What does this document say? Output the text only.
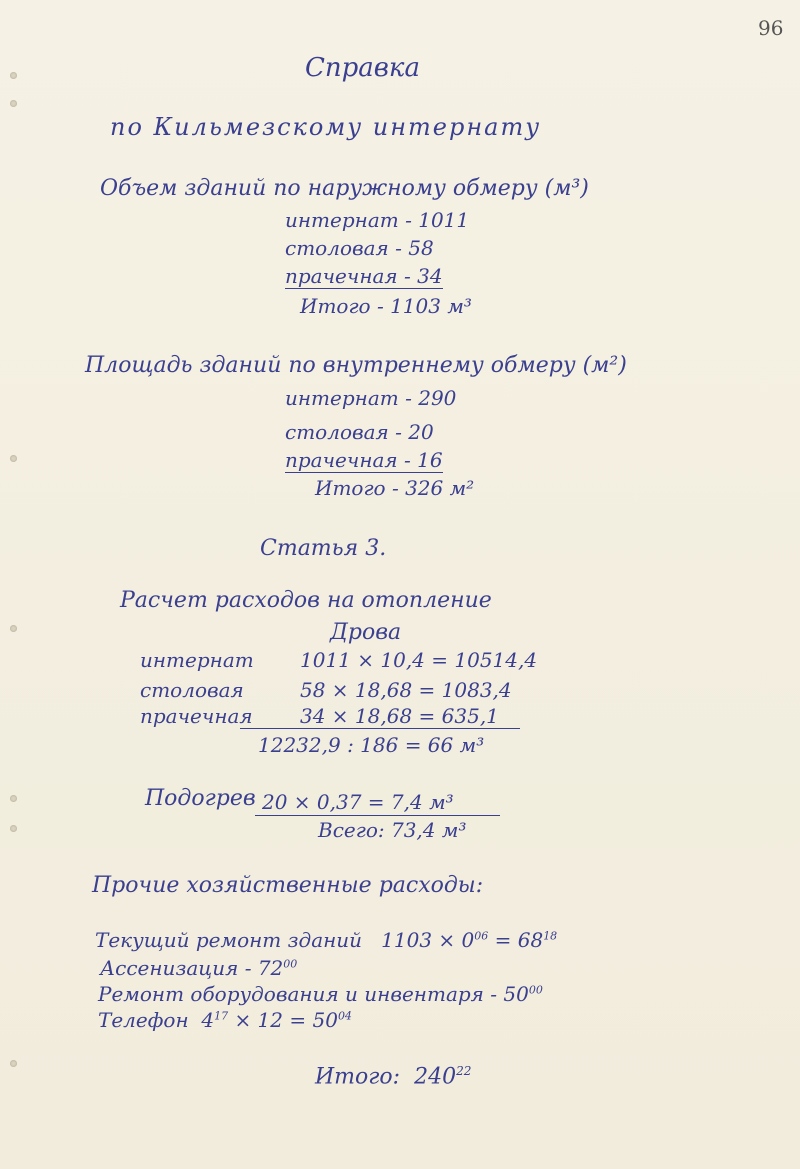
96
Справка
по Кильмезскому интернату
Объем зданий по наружному обмеру (м³)
интернат - 1011
столовая - 58
прачечная - 34
Итого - 1103 м³
Площадь зданий по внутреннему обмеру (м²)
интернат - 290
столовая - 20
прачечная - 16
Итого - 326 м²
Статья 3.
Расчет расходов на отопление
Дрова
интернат 1011 × 10,4 = 10514,4
столовая	58 × 18,68 = 1083,4
прачечная 34 × 18,68 = 635,1
12232,9 : 186 = 66 м³
Подогрев 20 × 0,37 = 7,4 м³
Всего: 73,4 м³
Прочие хозяйственные расходы:
Текущий ремонт зданий $1103 \times 0^{06} = 68^{18}$
Ассенизация - $72^{00}$
Ремонт оборудования и инвентаря - $50^{00}$
Телефон $4^{17} \times 12 = 50^{04}$
Итого: $240^{22}$
